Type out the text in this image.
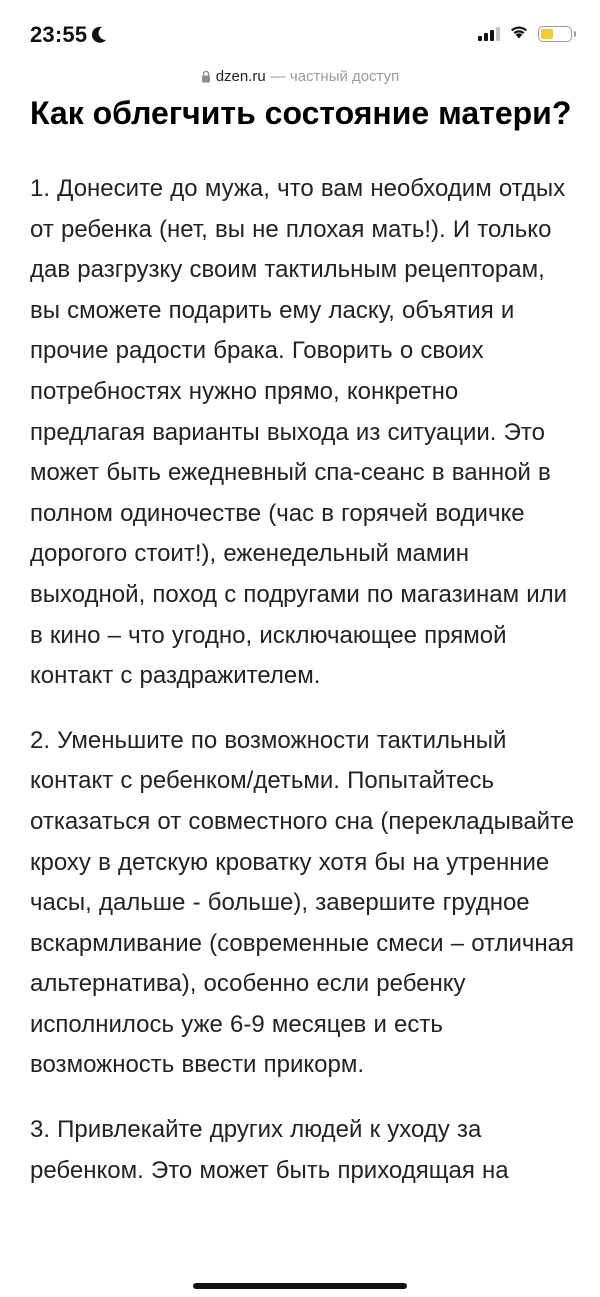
23:55
dzen.ru — частный доступ
Как облегчить состояние матери?

1. Донесите до мужа, что вам необходим отдых от ребенка (нет, вы не плохая мать!). И только дав разгрузку своим тактильным рецепторам, вы сможете подарить ему ласку, объятия и прочие радости брака. Говорить о своих потребностях нужно прямо, конкретно предлагая варианты выхода из ситуации. Это может быть ежедневный спа-сеанс в ванной в полном одиночестве (час в горячей водичке дорогого стоит!), еженедельный мамин выходной, поход с подругами по магазинам или в кино – что угодно, исключающее прямой контакт с раздражителем.

2. Уменьшите по возможности тактильный контакт с ребенком/детьми. Попытайтесь отказаться от совместного сна (перекладывайте кроху в детскую кроватку хотя бы на утренние часы, дальше - больше), завершите грудное вскармливание (современные смеси – отличная альтернатива), особенно если ребенку исполнилось уже 6-9 месяцев и есть возможность ввести прикорм.

3. Привлекайте других людей к уходу за ребенком. Это может быть приходящая на
